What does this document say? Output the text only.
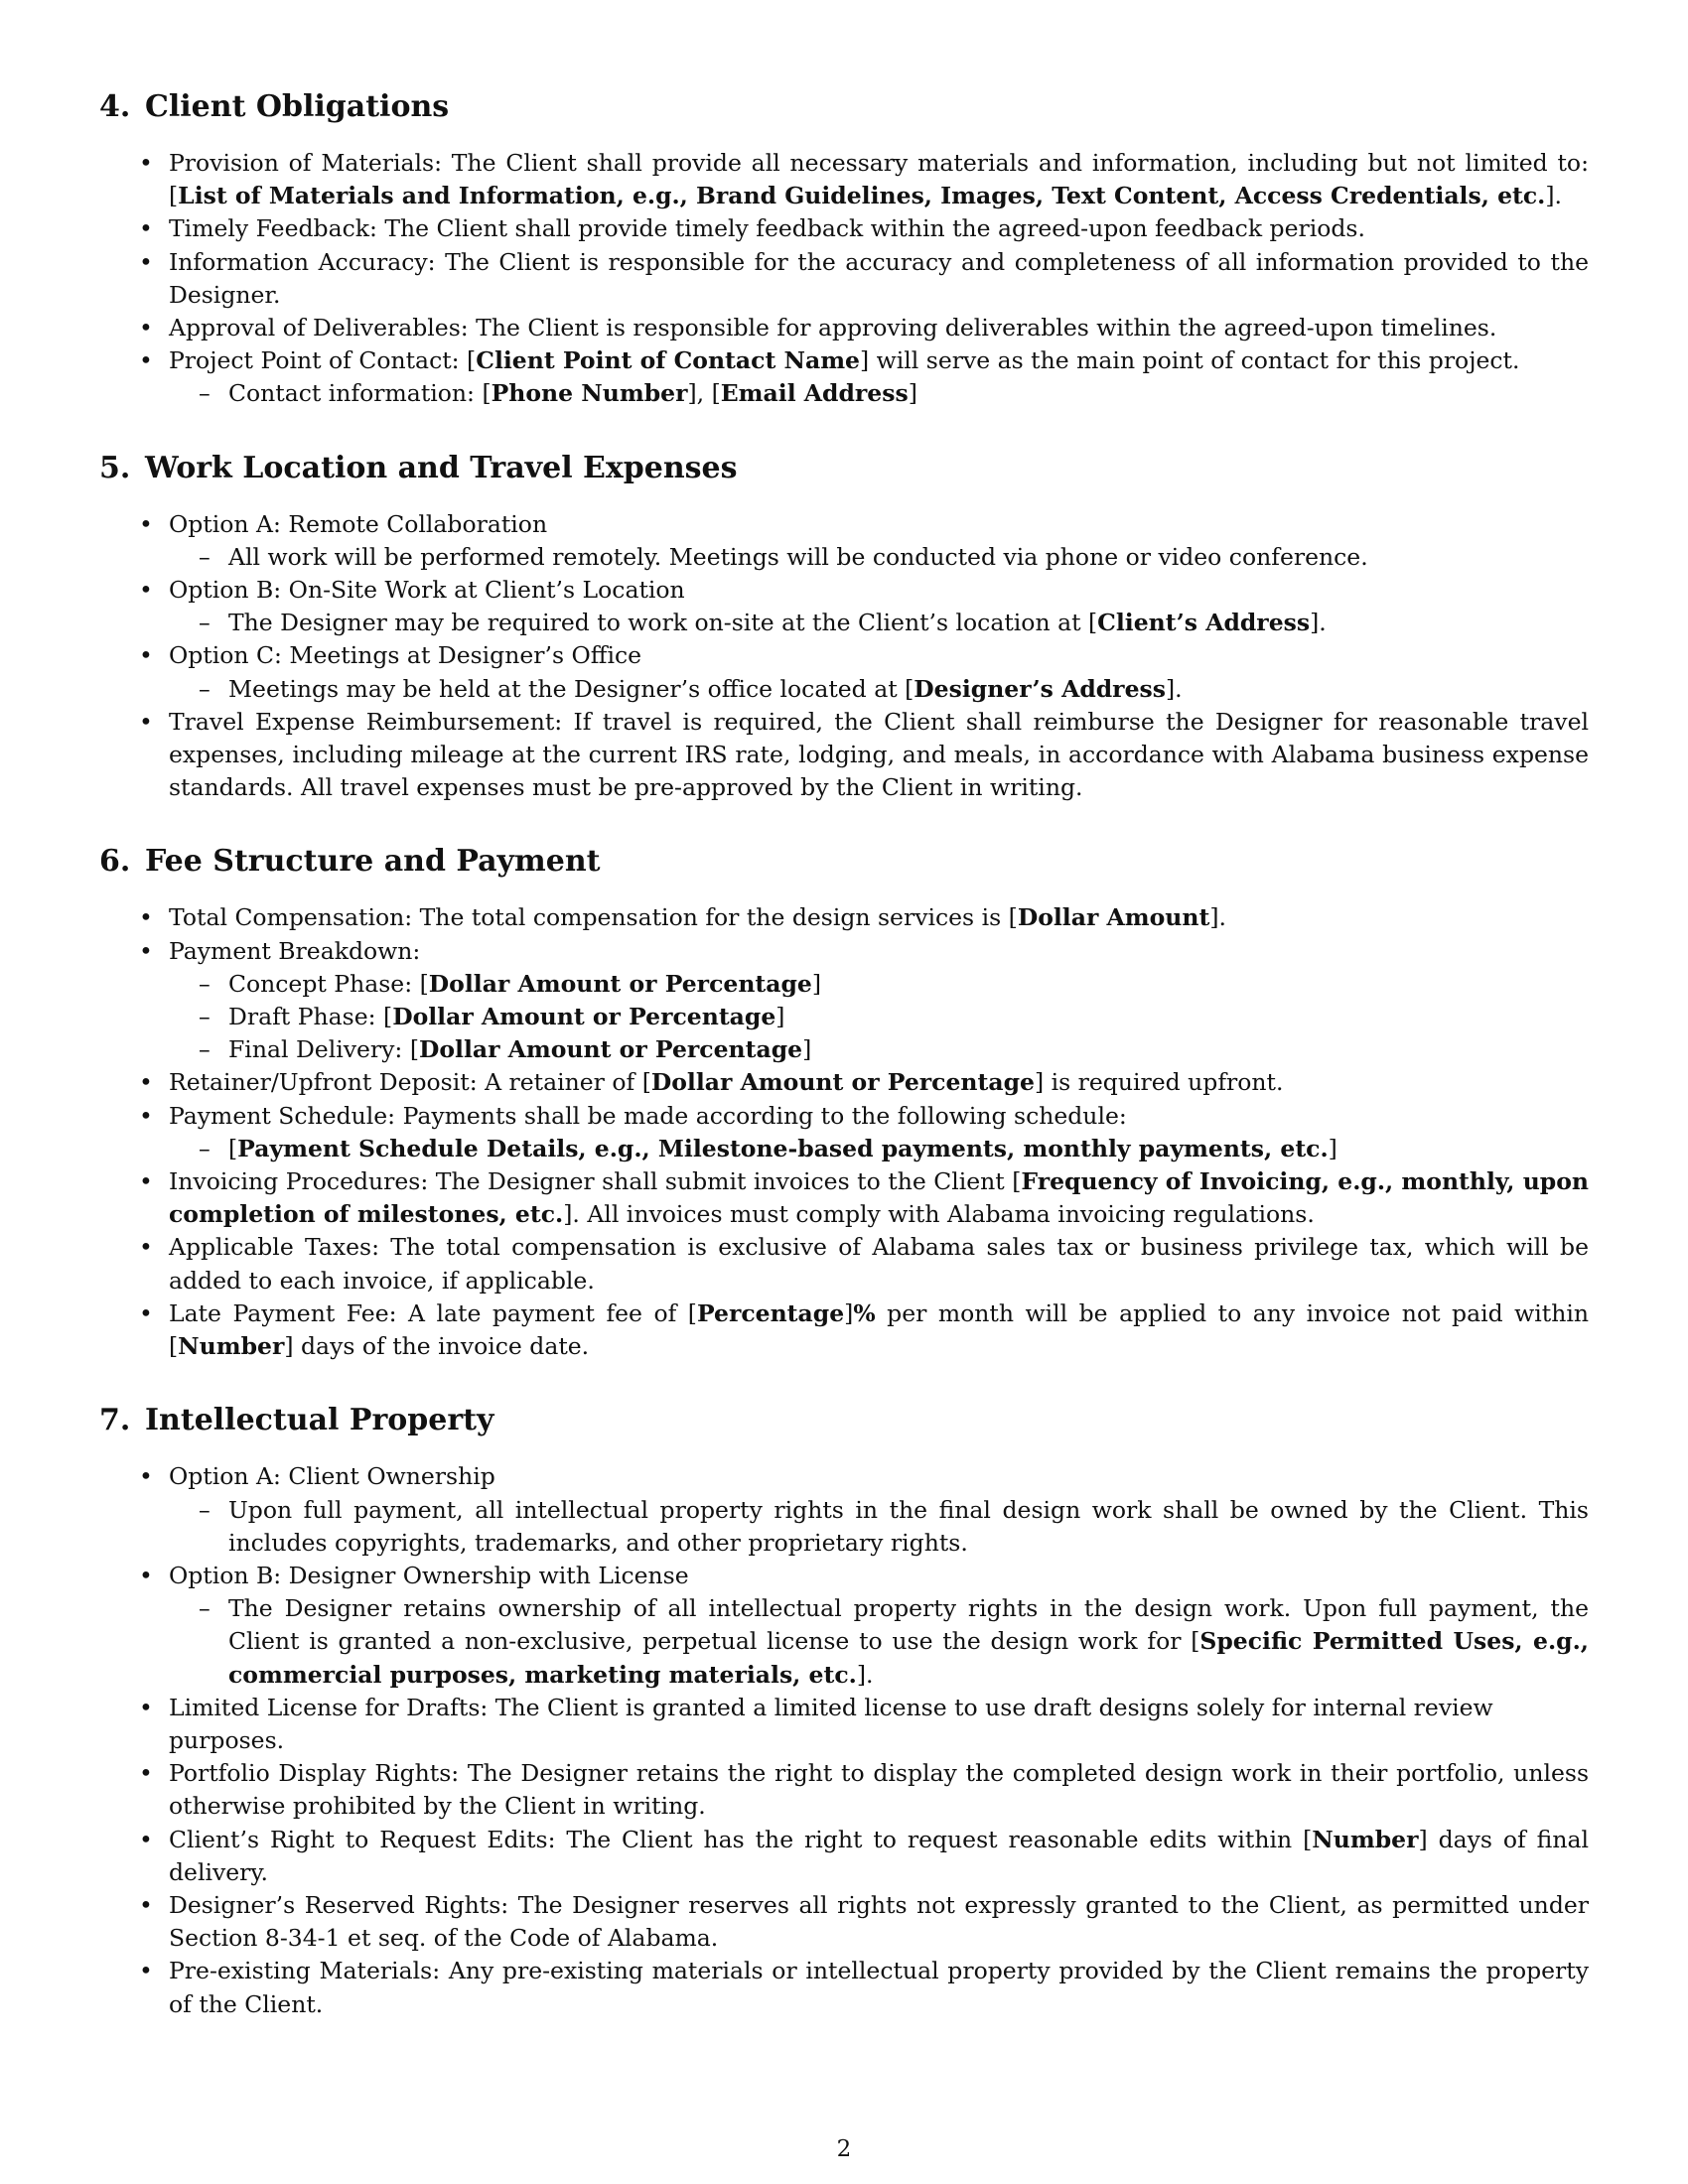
4. Client Obligations
• Provision of Materials: The Client shall provide all necessary materials and information, including but not limited to: [List of Materials and Information, e.g., Brand Guidelines, Images, Text Content, Access Credentials, etc.].
• Timely Feedback: The Client shall provide timely feedback within the agreed-upon feedback periods.
• Information Accuracy: The Client is responsible for the accuracy and completeness of all information provided to the Designer.
• Approval of Deliverables: The Client is responsible for approving deliverables within the agreed-upon timelines.
• Project Point of Contact: [Client Point of Contact Name] will serve as the main point of contact for this project.
– Contact information: [Phone Number], [Email Address]
5. Work Location and Travel Expenses
• Option A: Remote Collaboration
– All work will be performed remotely. Meetings will be conducted via phone or video conference.
• Option B: On-Site Work at Client’s Location
– The Designer may be required to work on-site at the Client’s location at [Client’s Address].
• Option C: Meetings at Designer’s Office
– Meetings may be held at the Designer’s office located at [Designer’s Address].
• Travel Expense Reimbursement: If travel is required, the Client shall reimburse the Designer for reasonable travel expenses, including mileage at the current IRS rate, lodging, and meals, in accordance with Alabama business expense standards. All travel expenses must be pre-approved by the Client in writing.
6. Fee Structure and Payment
• Total Compensation: The total compensation for the design services is [Dollar Amount].
• Payment Breakdown:
– Concept Phase: [Dollar Amount or Percentage]
– Draft Phase: [Dollar Amount or Percentage]
– Final Delivery: [Dollar Amount or Percentage]
• Retainer/Upfront Deposit: A retainer of [Dollar Amount or Percentage] is required upfront.
• Payment Schedule: Payments shall be made according to the following schedule:
– [Payment Schedule Details, e.g., Milestone-based payments, monthly payments, etc.]
• Invoicing Procedures: The Designer shall submit invoices to the Client [Frequency of Invoicing, e.g., monthly, upon completion of milestones, etc.]. All invoices must comply with Alabama invoicing regulations.
• Applicable Taxes: The total compensation is exclusive of Alabama sales tax or business privilege tax, which will be added to each invoice, if applicable.
• Late Payment Fee: A late payment fee of [Percentage]% per month will be applied to any invoice not paid within [Number] days of the invoice date.
7. Intellectual Property
• Option A: Client Ownership
– Upon full payment, all intellectual property rights in the final design work shall be owned by the Client. This includes copyrights, trademarks, and other proprietary rights.
• Option B: Designer Ownership with License
– The Designer retains ownership of all intellectual property rights in the design work. Upon full payment, the Client is granted a non-exclusive, perpetual license to use the design work for [Specific Permitted Uses, e.g., commercial purposes, marketing materials, etc.].
• Limited License for Drafts: The Client is granted a limited license to use draft designs solely for internal review purposes.
• Portfolio Display Rights: The Designer retains the right to display the completed design work in their portfolio, unless otherwise prohibited by the Client in writing.
• Client’s Right to Request Edits: The Client has the right to request reasonable edits within [Number] days of final delivery.
• Designer’s Reserved Rights: The Designer reserves all rights not expressly granted to the Client, as permitted under Section 8-34-1 et seq. of the Code of Alabama.
• Pre-existing Materials: Any pre-existing materials or intellectual property provided by the Client remains the property of the Client.
2
